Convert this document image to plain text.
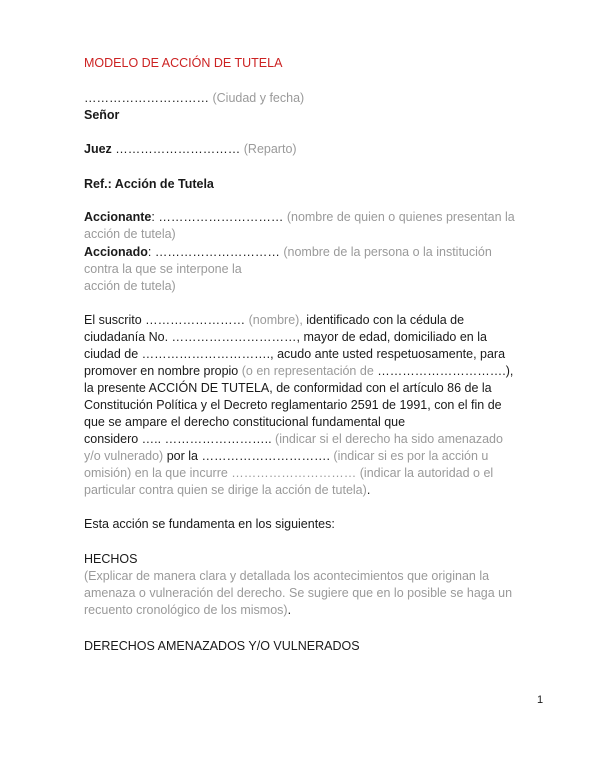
MODELO DE ACCIÓN DE TUTELA
………………………… (Ciudad y fecha)
Señor
Juez ………………………… (Reparto)
Ref.: Acción de Tutela
Accionante: ………………………… (nombre de quien o quienes presentan la
acción de tutela)
Accionado: ………………………… (nombre de la persona o la institución
contra la que se interpone la
acción de tutela)
El suscrito …………………… (nombre), identificado con la cédula de
ciudadanía No. …………………………, mayor de edad, domiciliado en la
ciudad de …………………………., acudo ante usted respetuosamente, para
promover en nombre propio (o en representación de ………………………….),
la presente ACCIÓN DE TUTELA, de conformidad con el artículo 86 de la
Constitución Política y el Decreto reglamentario 2591 de 1991, con el fin de
que se ampare el derecho constitucional fundamental que
considero ….. …………………….. (indicar si el derecho ha sido amenazado
y/o vulnerado) por la …………………………. (indicar si es por la acción u
omisión) en la que incurre ………………………… (indicar la autoridad o el
particular contra quien se dirige la acción de tutela).
Esta acción se fundamenta en los siguientes:
HECHOS
(Explicar de manera clara y detallada los acontecimientos que originan la
amenaza o vulneración del derecho. Se sugiere que en lo posible se haga un
recuento cronológico de los mismos).
DERECHOS AMENAZADOS Y/O VULNERADOS
1
